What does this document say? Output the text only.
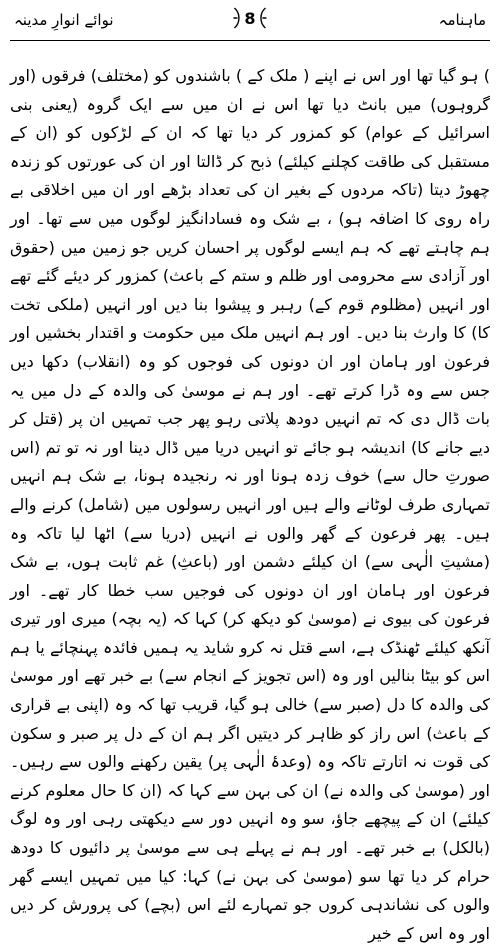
ماہنامہ
8
نوائے انوارِ مدینہ

) ہو گیا تھا اور اس نے اپنے ( ملک کے ) باشندوں کو (مختلف) فرقوں (اور گروہوں) میں بانٹ دیا تھا اس نے ان میں سے ایک گروہ (یعنی بنی اسرائیل کے عوام) کو کمزور کر دیا تھا کہ ان کے لڑکوں کو (ان کے مستقبل کی طاقت کچلنے کیلئے) ذبح کر ڈالتا اور ان کی عورتوں کو زندہ چھوڑ دیتا (تاکہ مردوں کے بغیر ان کی تعداد بڑھے اور ان میں اخلاقی بے راہ روی کا اضافہ ہو) ، بے شک وہ فسادانگیز لوگوں میں سے تھا۔ اور ہم چاہتے تھے کہ ہم ایسے لوگوں پر احسان کریں جو زمین میں (حقوق اور آزادی سے محرومی اور ظلم و ستم کے باعث) کمزور کر دیئے گئے تھے اور انہیں (مظلوم قوم کے) رہبر و پیشوا بنا دیں اور انہیں (ملکی تخت کا) کا وارث بنا دیں۔ اور ہم انہیں ملک میں حکومت و اقتدار بخشیں اور فرعون اور ہامان اور ان دونوں کی فوجوں کو وہ (انقلاب) دکھا دیں جس سے وہ ڈرا کرتے تھے۔ اور ہم نے موسیٰ کی والدہ کے دل میں یہ بات ڈال دی کہ تم انہیں دودھ پلاتی رہو پھر جب تمہیں ان پر (قتل کر دیے جانے کا) اندیشہ ہو جائے تو انہیں دریا میں ڈال دینا اور نہ تو تم (اس صورتِ حال سے) خوف زدہ ہونا اور نہ رنجیدہ ہونا، بے شک ہم انہیں تمہاری طرف لوٹانے والے ہیں اور انہیں رسولوں میں (شامل) کرنے والے ہیں۔ پھر فرعون کے گھر والوں نے انہیں (دریا سے) اٹھا لیا تاکہ وہ (مشیتِ الٰہی سے) ان کیلئے دشمن اور (باعثِ) غم ثابت ہوں، بے شک فرعون اور ہامان اور ان دونوں کی فوجیں سب خطا کار تھے۔ اور فرعون کی بیوی نے (موسیٰ کو دیکھ کر) کہا کہ (یہ بچہ) میری اور تیری آنکھ کیلئے ٹھنڈک ہے، اسے قتل نہ کرو شاید یہ ہمیں فائدہ پہنچائے یا ہم اس کو بیٹا بنالیں اور وہ (اس تجویز کے انجام سے) بے خبر تھے اور موسیٰ کی والدہ کا دل (صبر سے) خالی ہو گیا، قریب تھا کہ وہ (اپنی بے قراری کے باعث) اس راز کو ظاہر کر دیتیں اگر ہم ان کے دل پر صبر و سکون کی قوت نہ اتارتے تاکہ وہ (وعدۂ الٰہی پر) یقین رکھنے والوں سے رہیں۔ اور (موسیٰ کی والدہ نے) ان کی بہن سے کہا کہ (ان کا حال معلوم کرنے کیلئے) ان کے پیچھے جاؤ، سو وہ انہیں دور سے دیکھتی رہی اور وہ لوگ (بالکل) بے خبر تھے۔ اور ہم نے پہلے ہی سے موسیٰ پر دائیوں کا دودھ حرام کر دیا تھا سو (موسیٰ کی بہن نے) کہا: کیا میں تمہیں ایسے گھر والوں کی نشاندہی کروں جو تمہارے لئے اس (بچے) کی پرورش کر دیں اور وہ اس کے خیر
